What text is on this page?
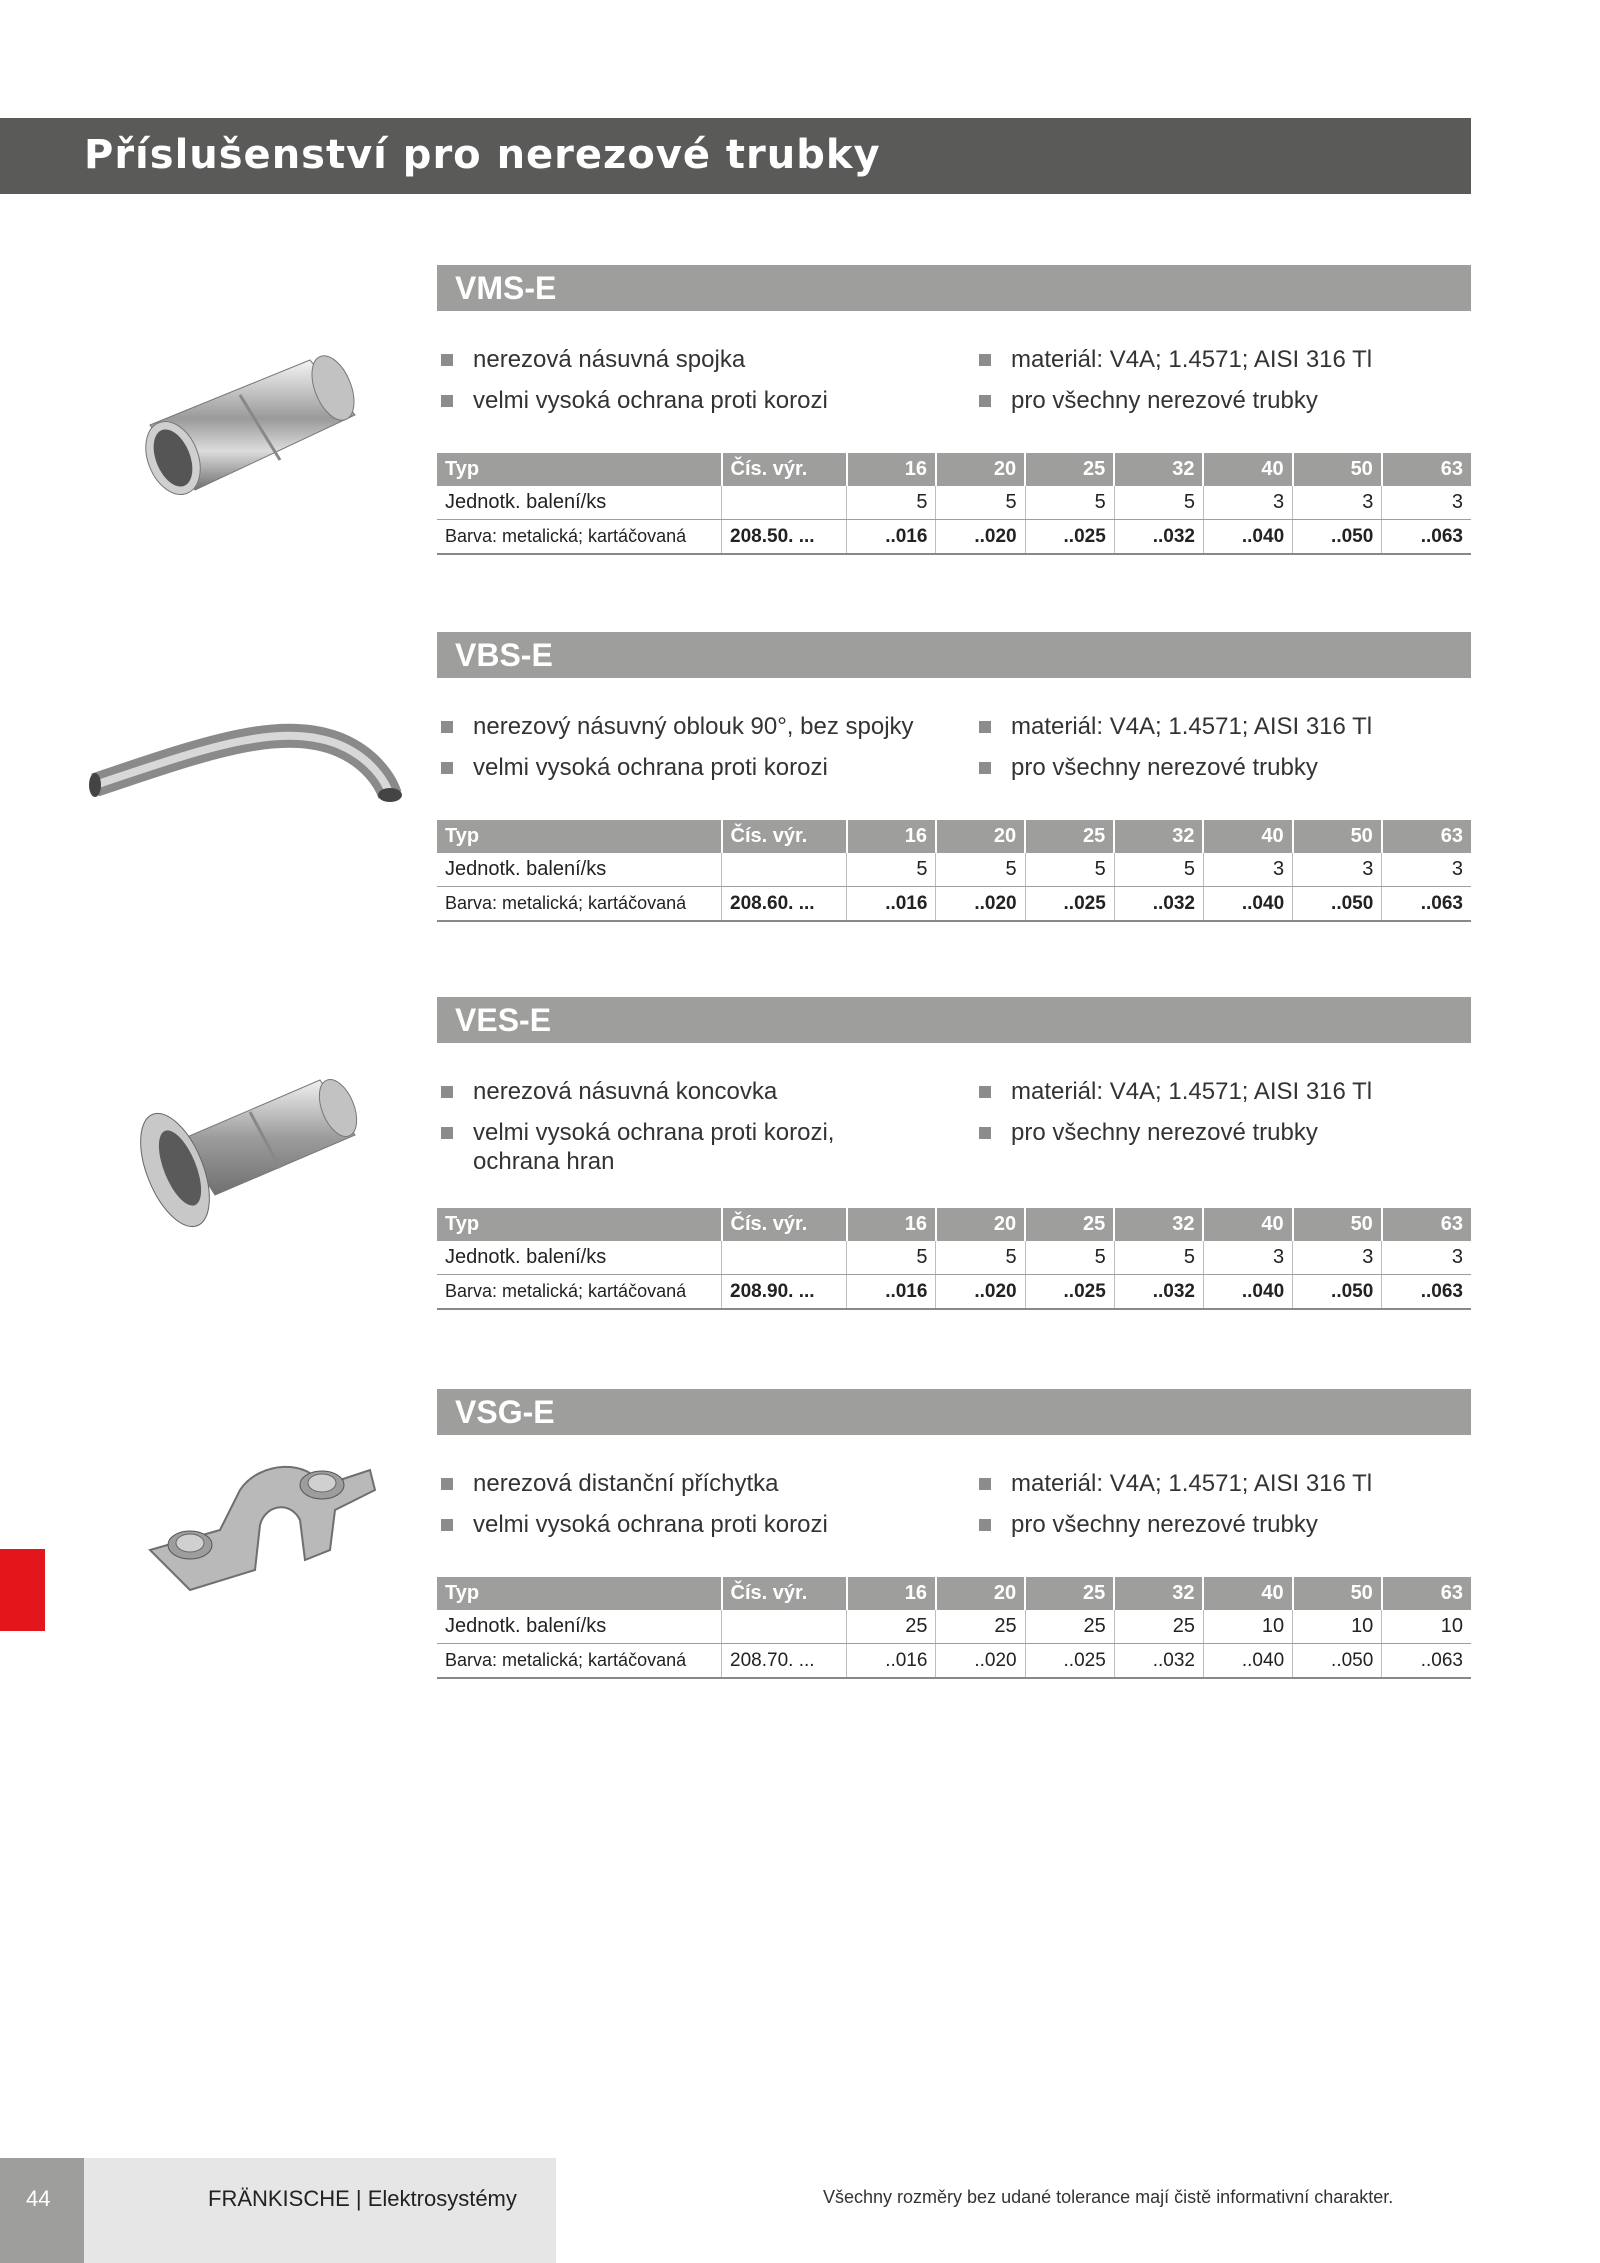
Příslušenství pro nerezové trubky
VMS-E
nerezová násuvná spojka
velmi vysoká ochrana proti korozi
materiál: V4A; 1.4571; AISI 316 Tl
pro všechny nerezové trubky
Typ	Čís. výr.	16	20	25	32	40	50	63
Jednotk. balení/ks		5	5	5	5	3	3	3
Barva: metalická; kartáčovaná	208.50. ...	..016	..020	..025	..032	..040	..050	..063
VBS-E
nerezový násuvný oblouk 90°, bez spojky
velmi vysoká ochrana proti korozi
materiál: V4A; 1.4571; AISI 316 Tl
pro všechny nerezové trubky
Typ	Čís. výr.	16	20	25	32	40	50	63
Jednotk. balení/ks		5	5	5	5	3	3	3
Barva: metalická; kartáčovaná	208.60. ...	..016	..020	..025	..032	..040	..050	..063
VES-E
nerezová násuvná koncovka
velmi vysoká ochrana proti korozi,
ochrana hran
materiál: V4A; 1.4571; AISI 316 Tl
pro všechny nerezové trubky
Typ	Čís. výr.	16	20	25	32	40	50	63
Jednotk. balení/ks		5	5	5	5	3	3	3
Barva: metalická; kartáčovaná	208.90. ...	..016	..020	..025	..032	..040	..050	..063
VSG-E
nerezová distanční příchytka
velmi vysoká ochrana proti korozi
materiál: V4A; 1.4571; AISI 316 Tl
pro všechny nerezové trubky
Typ	Čís. výr.	16	20	25	32	40	50	63
Jednotk. balení/ks		25	25	25	25	10	10	10
Barva: metalická; kartáčovaná	208.70. ...	..016	..020	..025	..032	..040	..050	..063
44	FRÄNKISCHE | Elektrosystémy	Všechny rozměry bez udané tolerance mají čistě informativní charakter.
